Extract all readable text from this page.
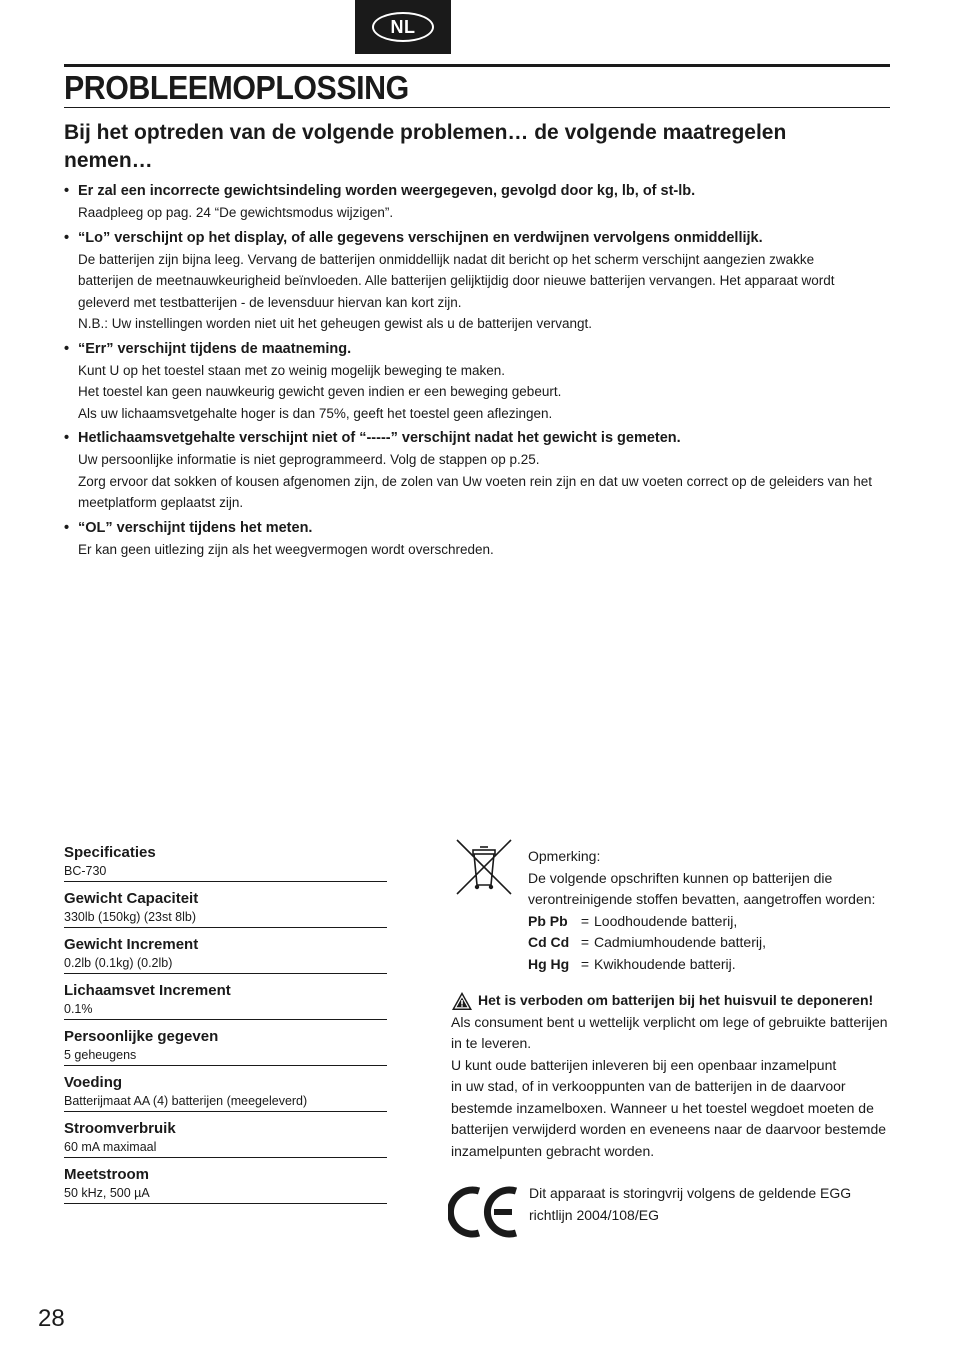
NL
PROBLEEMOPLOSSING
Bij het optreden van de volgende problemen… de volgende maatregelen nemen…
• Er zal een incorrecte gewichtsindeling worden weergegeven, gevolgd door kg, lb, of st-lb.
Raadpleeg op pag. 24 “De gewichtsmodus wijzigen”.
• “Lo” verschijnt op het display, of alle gegevens verschijnen en verdwijnen vervolgens onmiddellijk.
De batterijen zijn bijna leeg. Vervang de batterijen onmiddellijk nadat dit bericht op het scherm verschijnt aangezien zwakke
batterijen de meetnauwkeurigheid beïnvloeden. Alle batterijen gelijktijdig door nieuwe batterijen vervangen. Het apparaat wordt
geleverd met testbatterijen - de levensduur hiervan kan kort zijn.
N.B.: Uw instellingen worden niet uit het geheugen gewist als u de batterijen vervangt.
• “Err” verschijnt tijdens de maatneming.
Kunt U op het toestel staan met zo weinig mogelijk beweging te maken.
Het toestel kan geen nauwkeurig gewicht geven indien er een beweging gebeurt.
Als uw lichaamsvetgehalte hoger is dan 75%, geeft het toestel geen aflezingen.
• Hetlichaamsvetgehalte verschijnt niet of “-----” verschijnt nadat het gewicht is gemeten.
Uw persoonlijke informatie is niet geprogrammeerd. Volg de stappen op p.25.
Zorg ervoor dat sokken of kousen afgenomen zijn, de zolen van Uw voeten rein zijn en dat uw voeten correct op de geleiders van het
meetplatform geplaatst zijn.
• “OL” verschijnt tijdens het meten.
Er kan geen uitlezing zijn als het weegvermogen wordt overschreden.
Specificaties
BC-730
Gewicht Capaciteit
330lb (150kg) (23st 8lb)
Gewicht Increment
0.2lb (0.1kg) (0.2lb)
Lichaamsvet Increment
0.1%
Persoonlijke gegeven
5 geheugens
Voeding
Batterijmaat AA (4) batterijen (meegeleverd)
Stroomverbruik
60 mA maximaal
Meetstroom
50 kHz, 500 µA
Opmerking:
De volgende opschriften kunnen op batterijen die verontreinigende stoffen bevatten, aangetroffen worden:
Pb Pb = Loodhoudende batterij,
Cd Cd = Cadmiumhoudende batterij,
Hg Hg = Kwikhoudende batterij.
Het is verboden om batterijen bij het huisvuil te deponeren!
Als consument bent u wettelijk verplicht om lege of gebruikte batterijen
in te leveren.
U kunt oude batterijen inleveren bij een openbaar inzamelpunt
in uw stad, of in verkooppunten van de batterijen in de daarvoor
bestemde inzamelboxen. Wanneer u het toestel wegdoet moeten de
batterijen verwijderd worden en eveneens naar de daarvoor bestemde
inzamelpunten gebracht worden.
Dit apparaat is storingvrij volgens de geldende EGG richtlijn 2004/108/EG
28
